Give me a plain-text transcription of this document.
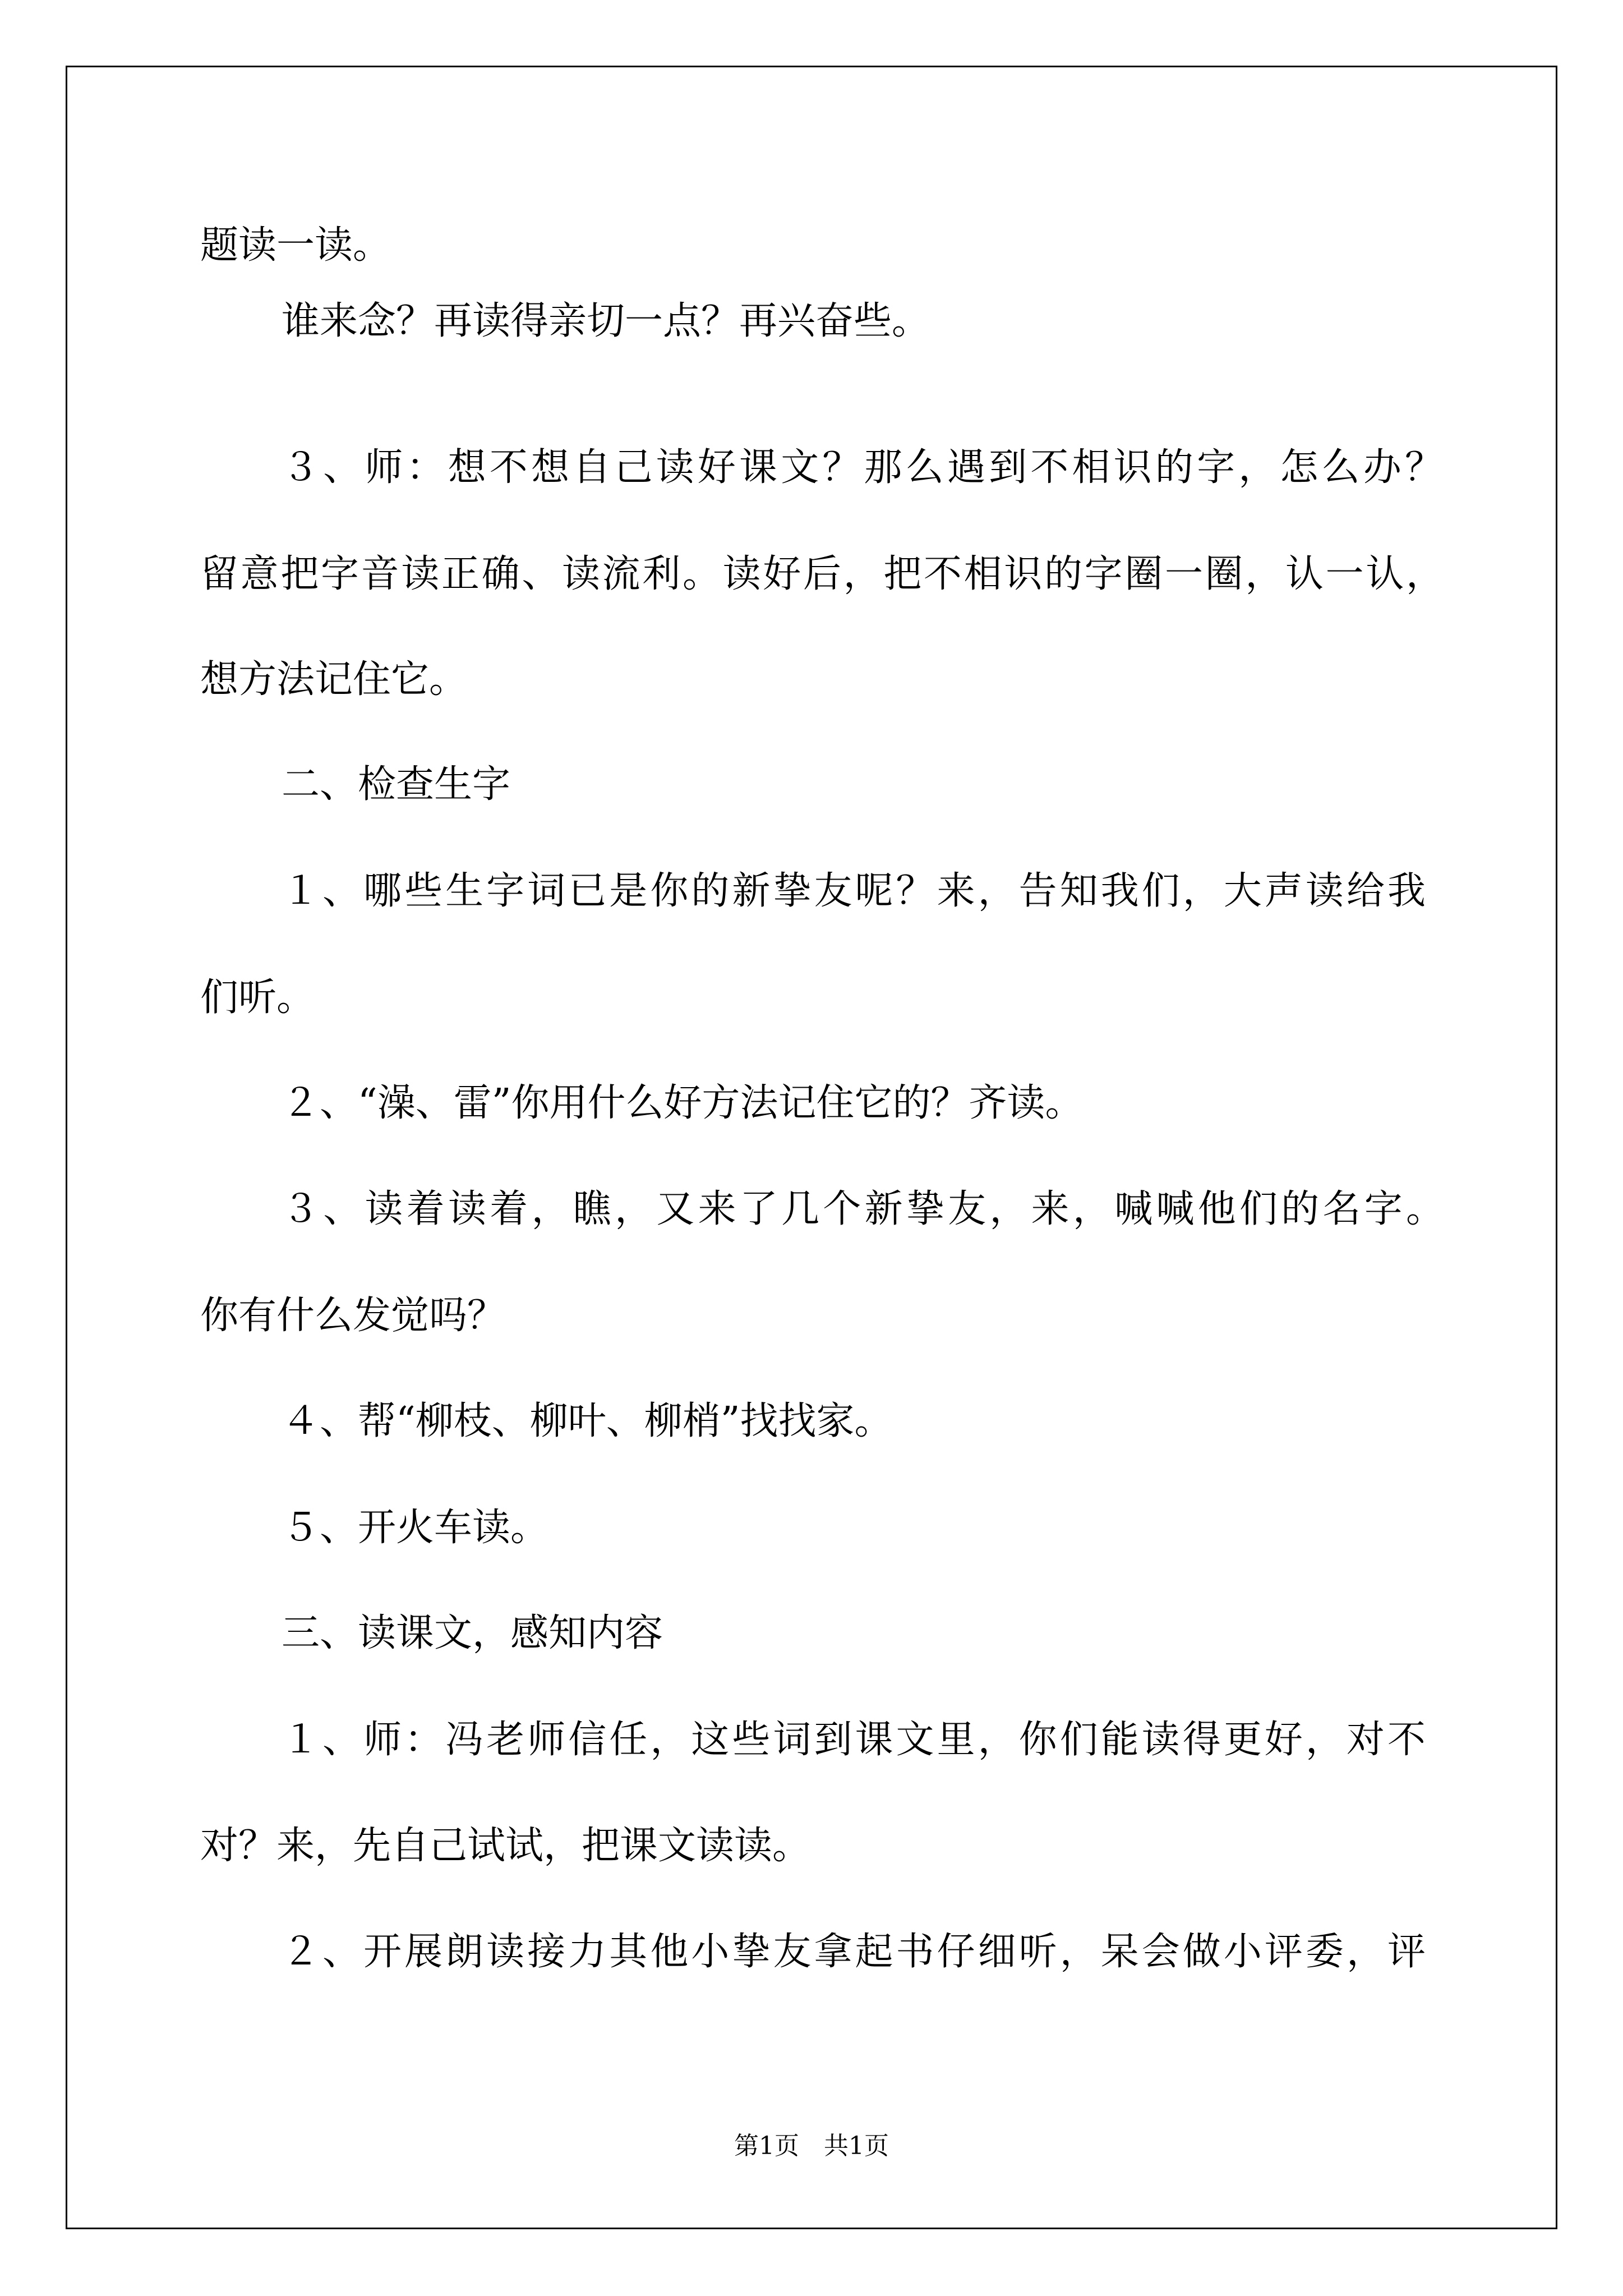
题读一读。

谁来念？再读得亲切一点？再兴奋些。

３、师：想不想自己读好课文？那么遇到不相识的字，怎么办？

留意把字音读正确、读流利。读好后，把不相识的字圈一圈，认一认，

想方法记住它。

二、检查生字

１、哪些生字词已是你的新挚友呢？来，告知我们，大声读给我

们听。

２、“澡、雷”你用什么好方法记住它的？齐读。

３、读着读着，瞧，又来了几个新挚友，来，喊喊他们的名字。

你有什么发觉吗？

４、帮“柳枝、柳叶、柳梢”找找家。

５、开火车读。

三、读课文，感知内容

１、师：冯老师信任，这些词到课文里，你们能读得更好，对不

对？来，先自己试试，把课文读读。

２、开展朗读接力其他小挚友拿起书仔细听，呆会做小评委，评

第1页　共1页
